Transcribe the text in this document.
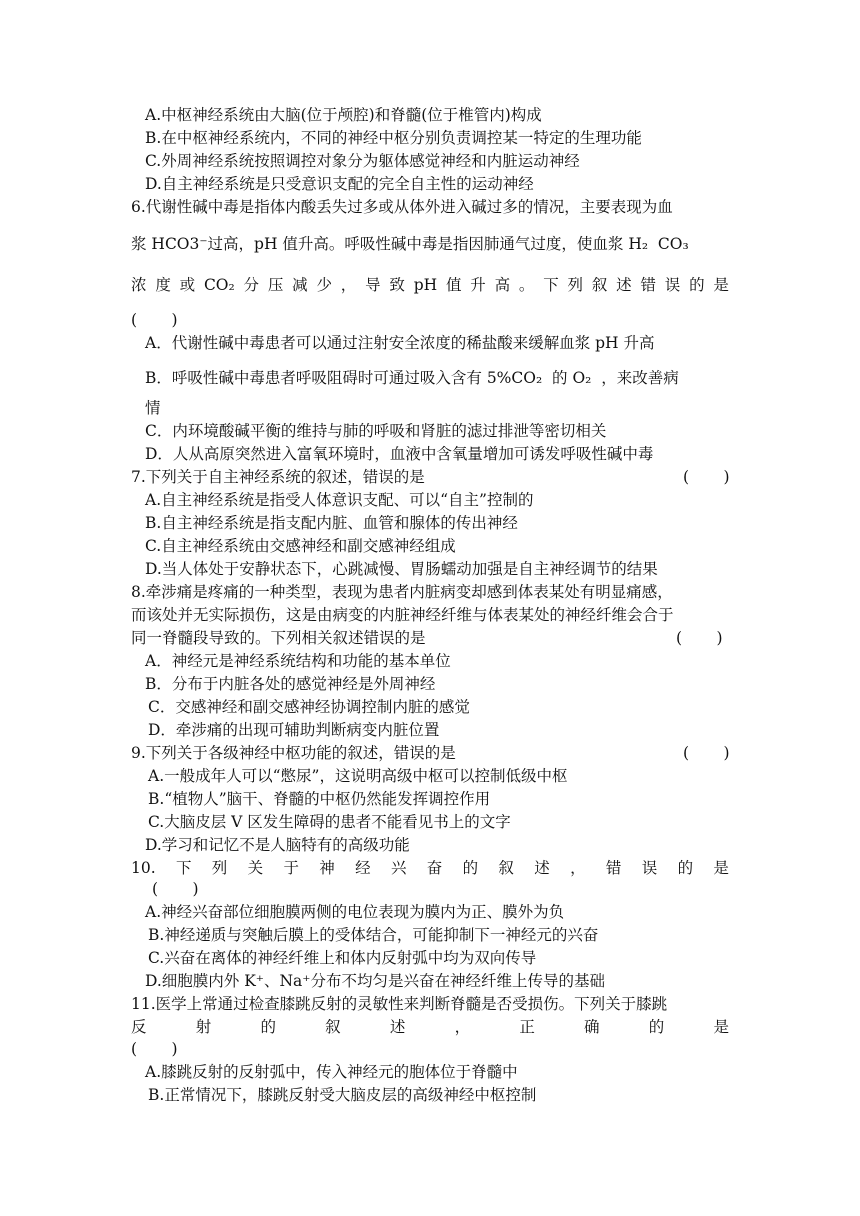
A.中枢神经系统由大脑(位于颅腔)和脊髓(位于椎管内)构成
B.在中枢神经系统内，不同的神经中枢分别负责调控某一特定的生理功能
C.外周神经系统按照调控对象分为躯体感觉神经和内脏运动神经
D.自主神经系统是只受意识支配的完全自主性的运动神经
6.代谢性碱中毒是指体内酸丢失过多或从体外进入碱过多的情况，主要表现为血
浆 HCO3⁻过高，pH 值升高。呼吸性碱中毒是指因肺通气过度，使血浆 H₂  CO₃
浓 度 或 CO₂ 分 压 减 少 ， 导 致 pH 值 升 高 。 下 列 叙 述 错 误 的 是
(       )
A．代谢性碱中毒患者可以通过注射安全浓度的稀盐酸来缓解血浆 pH 升高
B．呼吸性碱中毒患者呼吸阻碍时可通过吸入含有 5%CO₂  的 O₂  ，来改善病
情
C．内环境酸碱平衡的维持与肺的呼吸和肾脏的滤过排泄等密切相关
D．人从高原突然进入富氧环境时，血液中含氧量增加可诱发呼吸性碱中毒
7.下列关于自主神经系统的叙述，错误的是	(       )
A.自主神经系统是指受人体意识支配、可以“自主”控制的
B.自主神经系统是指支配内脏、血管和腺体的传出神经
C.自主神经系统由交感神经和副交感神经组成
D.当人体处于安静状态下，心跳减慢、胃肠蠕动加强是自主神经调节的结果
8.牵涉痛是疼痛的一种类型，表现为患者内脏病变却感到体表某处有明显痛感，
而该处并无实际损伤，这是由病变的内脏神经纤维与体表某处的神经纤维会合于
同一脊髓段导致的。下列相关叙述错误的是	(       )
A．神经元是神经系统结构和功能的基本单位
B．分布于内脏各处的感觉神经是外周神经
C．交感神经和副交感神经协调控制内脏的感觉
D．牵涉痛的出现可辅助判断病变内脏位置
9.下列关于各级神经中枢功能的叙述，错误的是	(       )
A.一般成年人可以“憋尿”，这说明高级中枢可以控制低级中枢
B.“植物人”脑干、脊髓的中枢仍然能发挥调控作用
C.大脑皮层 V 区发生障碍的患者不能看见书上的文字
D.学习和记忆不是人脑特有的高级功能
10. 下 列 关 于 神 经 兴 奋 的 叙 述 ， 错 误 的 是
(       )
A.神经兴奋部位细胞膜两侧的电位表现为膜内为正、膜外为负
B.神经递质与突触后膜上的受体结合，可能抑制下一神经元的兴奋
C.兴奋在离体的神经纤维上和体内反射弧中均为双向传导
D.细胞膜内外 K⁺、Na⁺分布不均匀是兴奋在神经纤维上传导的基础
11.医学上常通过检查膝跳反射的灵敏性来判断脊髓是否受损伤。下列关于膝跳
反	射	的	叙	述	，	正	确	的	是
(       )
A.膝跳反射的反射弧中，传入神经元的胞体位于脊髓中
B.正常情况下，膝跳反射受大脑皮层的高级神经中枢控制
